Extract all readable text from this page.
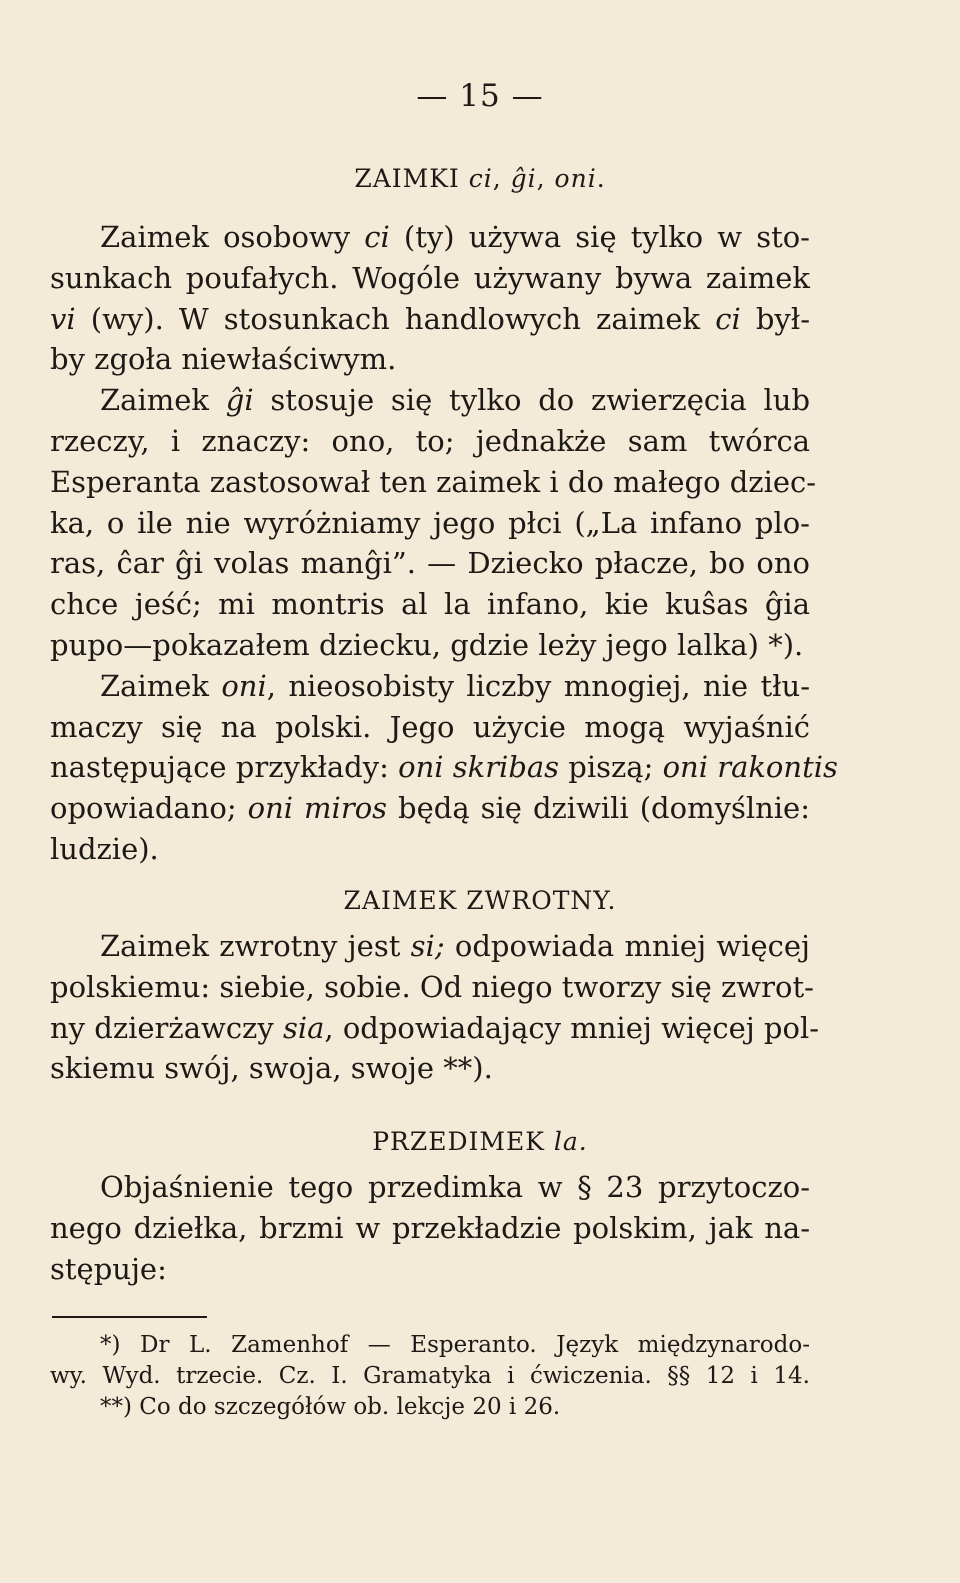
— 15 —
ZAIMKI ci, ĝi, oni.
Zaimek osobowy ci (ty) używa się tylko w sto-
sunkach poufałych. Wogóle używany bywa zaimek
vi (wy). W stosunkach handlowych zaimek ci był-
by zgoła niewłaściwym.
Zaimek ĝi stosuje się tylko do zwierzęcia lub
rzeczy, i znaczy: ono, to; jednakże sam twórca
Esperanta zastosował ten zaimek i do małego dziec-
ka, o ile nie wyróżniamy jego płci („La infano plo-
ras, ĉar ĝi volas manĝi”. — Dziecko płacze, bo ono
chce jeść; mi montris al la infano, kie kuŝas ĝia
pupo—pokazałem dziecku, gdzie leży jego lalka) *).
Zaimek oni, nieosobisty liczby mnogiej, nie tłu-
maczy się na polski. Jego użycie mogą wyjaśnić
następujące przykłady: oni skribas piszą; oni rakontis
opowiadano; oni miros będą się dziwili (domyślnie:
ludzie).
ZAIMEK ZWROTNY.
Zaimek zwrotny jest si; odpowiada mniej więcej
polskiemu: siebie, sobie. Od niego tworzy się zwrot-
ny dzierżawczy sia, odpowiadający mniej więcej pol-
skiemu swój, swoja, swoje **).
PRZEDIMEK la.
Objaśnienie tego przedimka w § 23 przytoczo-
nego dziełka, brzmi w przekładzie polskim, jak na-
stępuje:
*) Dr L. Zamenhof — Esperanto. Język międzynarodo-
wy. Wyd. trzecie. Cz. I. Gramatyka i ćwiczenia. §§ 12 i 14.
**) Co do szczegółów ob. lekcje 20 i 26.
